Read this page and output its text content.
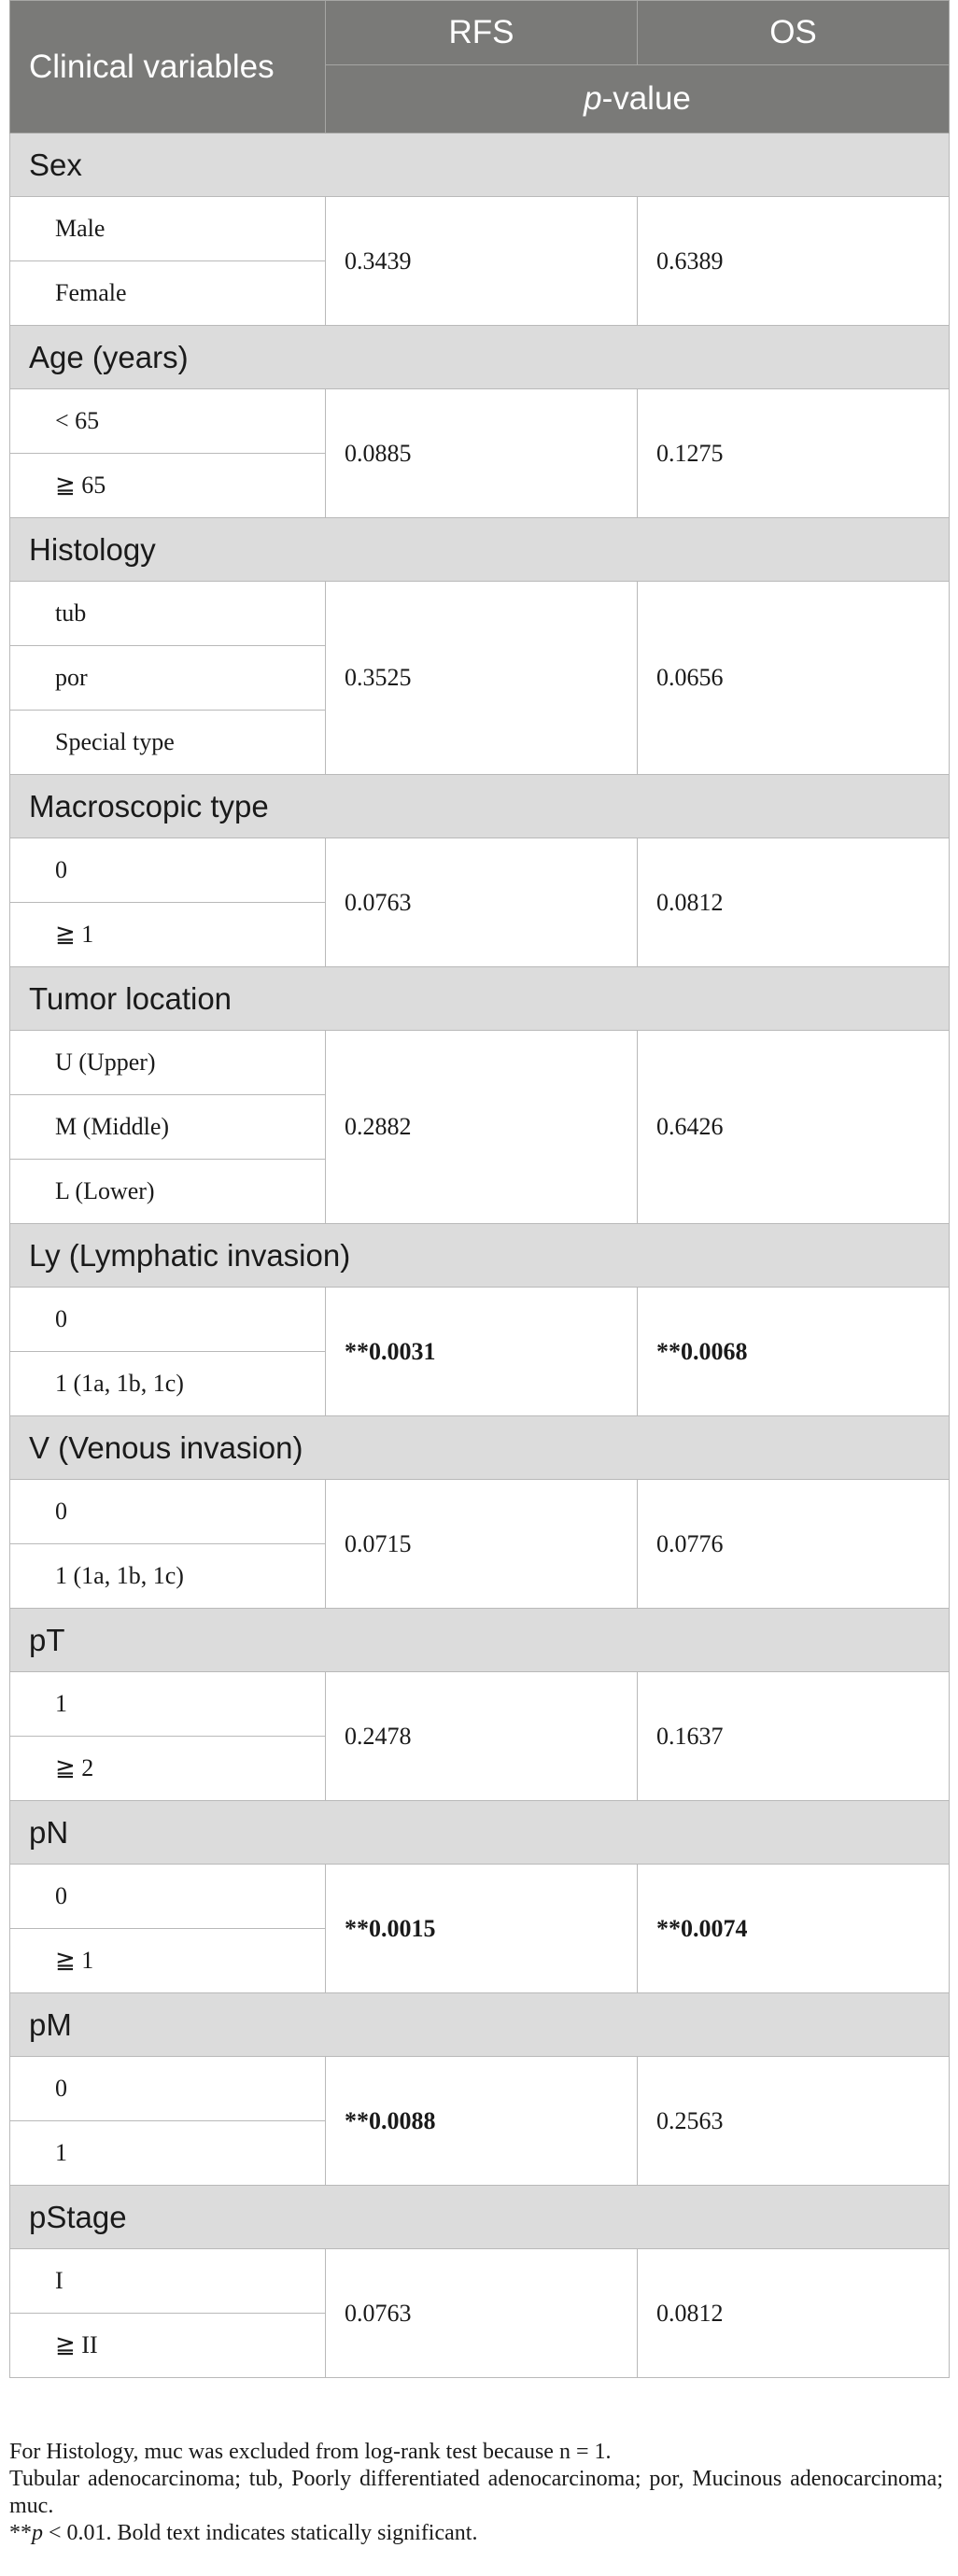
Clinical variables	RFS	OS
	p-value	
Sex		
Male	0.3439	0.6389
Female		
Age (years)		
< 65	0.0885	0.1275
≧ 65		
Histology		
tub	0.3525	0.0656
por		
Special type		
Macroscopic type		
0	0.0763	0.0812
≧ 1		
Tumor location		
U (Upper)	0.2882	0.6426
M (Middle)		
L (Lower)		
Ly (Lymphatic invasion)		
0	**0.0031	**0.0068
1 (1a, 1b, 1c)		
V (Venous invasion)		
0	0.0715	0.0776
1 (1a, 1b, 1c)		
pT		
1	0.2478	0.1637
≧ 2		
pN		
0	**0.0015	**0.0074
≧ 1		
pM		
0	**0.0088	0.2563
1		
pStage		
I	0.0763	0.0812
≧ II		

For Histology, muc was excluded from log-rank test because n = 1.

Tubular adenocarcinoma; tub, Poorly differentiated adenocarcinoma; por, Mucinous adenocarcinoma; muc.

**p < 0.01. Bold text indicates statically significant.
